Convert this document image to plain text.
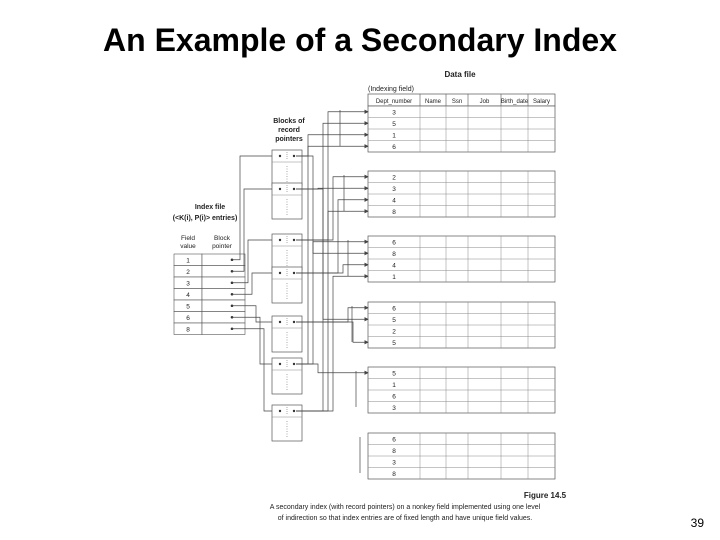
An Example of a Secondary Index
Data file
(Indexing field)
Dept_number Name Ssn	Job Birth_date Salary
3
5
1
6
2
3
4
8
6
8
4
1
6
5
2
5
5
1
6
3
6
8
3
8
Blocks of
record
pointers
Index file
(<K(i), P(i)> entries)
Field
value
Block
pointer
1
2
3
4
5
6
8
Figure 14.5
A secondary index (with record pointers) on a nonkey field implemented using one level
of indirection so that index entries are of fixed length and have unique field values.	39
